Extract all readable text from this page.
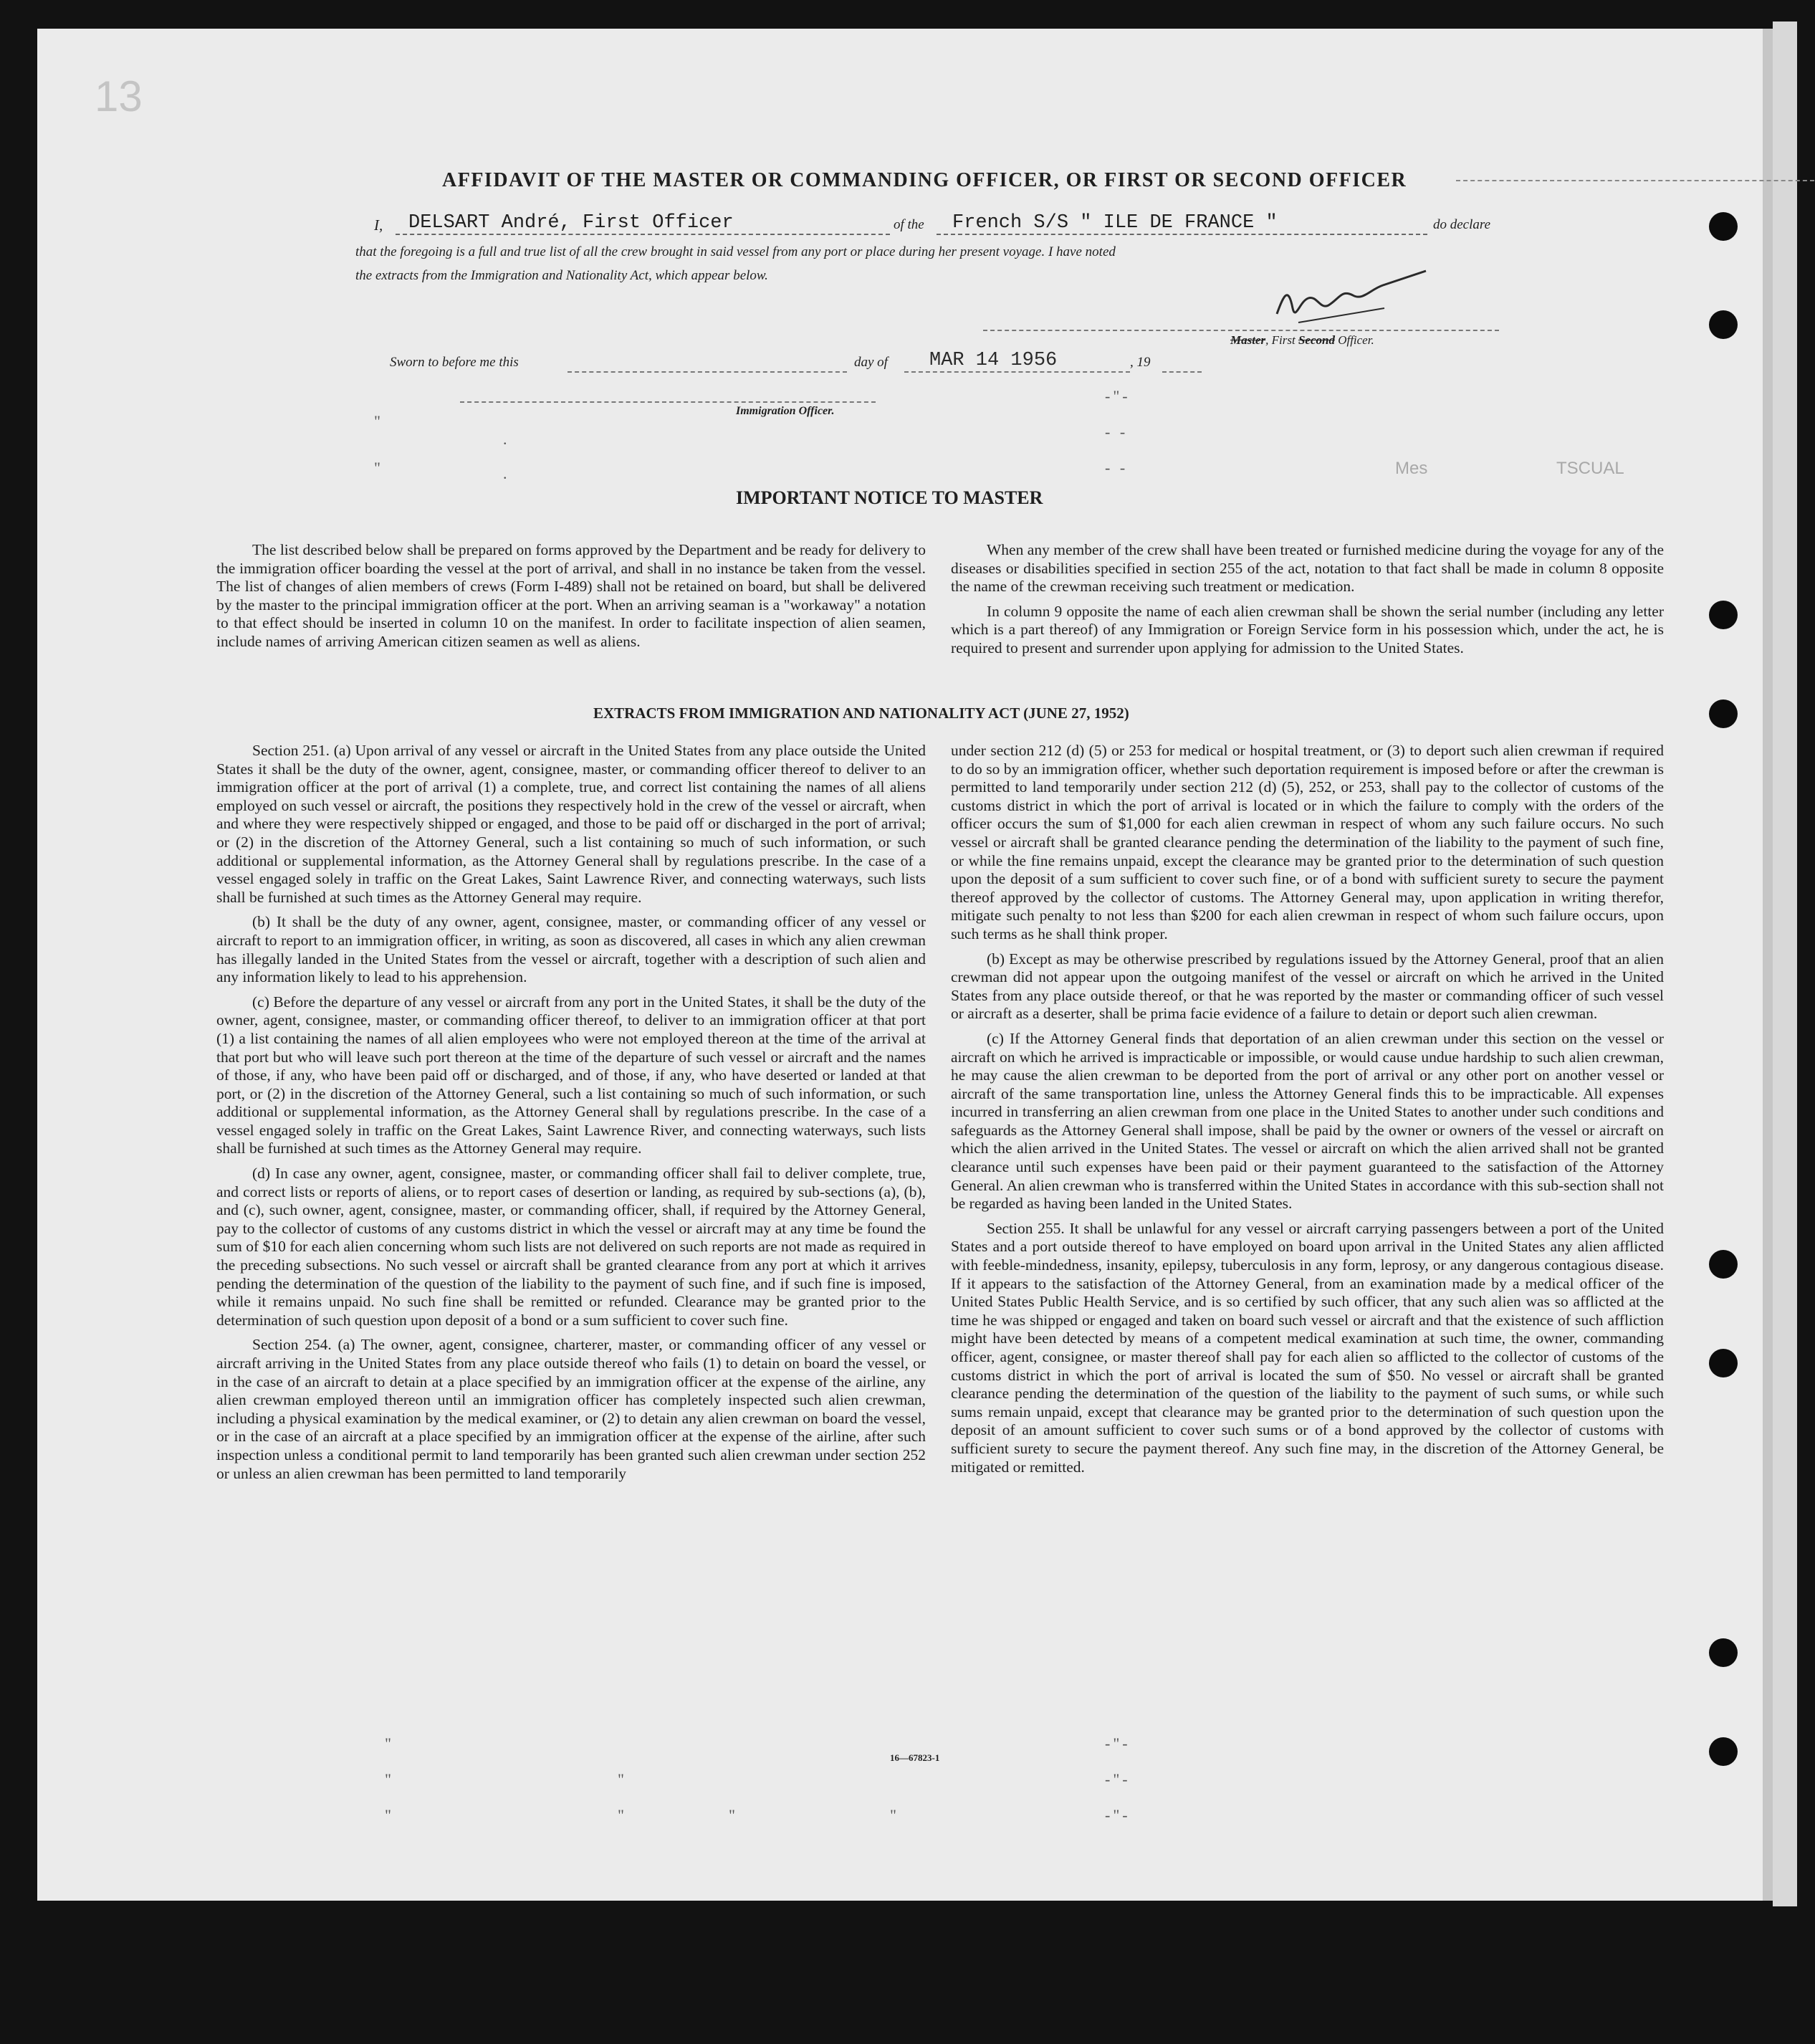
13
AFFIDAVIT OF THE MASTER OR COMMANDING OFFICER, OR FIRST OR SECOND OFFICER
I,	DELSART André, First Officer	of the	French S/S " ILE DE FRANCE "	do declare
that the foregoing is a full and true list of all the crew brought in said vessel from any port or place during her present voyage. I have noted
the extracts from the Immigration and Nationality Act, which appear below.
Master, First Second Officer.
Sworn to before me this	day of MAR 14 1956	, 19
Immigration Officer.
"
"
.
.
-"-
- -
- -	Mes	TSCUAL
IMPORTANT NOTICE TO MASTER

The list described below shall be prepared on forms approved by the Department and be ready for delivery to the immigration officer boarding the vessel at the port of arrival, and shall in no instance be taken from the vessel. The list of changes of alien members of crews (Form I-489) shall not be retained on board, but shall be delivered by the master to the principal immigration officer at the port. When an arriving seaman is a "workaway" a notation to that effect should be inserted in column 10 on the manifest. In order to facilitate inspection of alien seamen, include names of arriving American citizen seamen as well as aliens.

When any member of the crew shall have been treated or furnished medicine during the voyage for any of the diseases or disabilities specified in section 255 of the act, notation to that fact shall be made in column 8 opposite the name of the crewman receiving such treatment or medication.

In column 9 opposite the name of each alien crewman shall be shown the serial number (including any letter which is a part thereof) of any Immigration or Foreign Service form in his possession which, under the act, he is required to present and surrender upon applying for admission to the United States.

EXTRACTS FROM IMMIGRATION AND NATIONALITY ACT (JUNE 27, 1952)

Section 251. (a) Upon arrival of any vessel or aircraft in the United States from any place outside the United States it shall be the duty of the owner, agent, consignee, master, or commanding officer thereof to deliver to an immigration officer at the port of arrival (1) a complete, true, and correct list containing the names of all aliens employed on such vessel or aircraft, the positions they respectively hold in the crew of the vessel or aircraft, when and where they were respectively shipped or engaged, and those to be paid off or discharged in the port of arrival; or (2) in the discretion of the Attorney General, such a list containing so much of such information, or such additional or supplemental information, as the Attorney General shall by regulations prescribe. In the case of a vessel engaged solely in traffic on the Great Lakes, Saint Lawrence River, and connecting waterways, such lists shall be furnished at such times as the Attorney General may require.

(b) It shall be the duty of any owner, agent, consignee, master, or commanding officer of any vessel or aircraft to report to an immigration officer, in writing, as soon as discovered, all cases in which any alien crewman has illegally landed in the United States from the vessel or aircraft, together with a description of such alien and any information likely to lead to his apprehension.

(c) Before the departure of any vessel or aircraft from any port in the United States, it shall be the duty of the owner, agent, consignee, master, or commanding officer thereof, to deliver to an immigration officer at that port (1) a list containing the names of all alien employees who were not employed thereon at the time of the arrival at that port but who will leave such port thereon at the time of the departure of such vessel or aircraft and the names of those, if any, who have been paid off or discharged, and of those, if any, who have deserted or landed at that port, or (2) in the discretion of the Attorney General, such a list containing so much of such information, or such additional or supplemental information, as the Attorney General shall by regulations prescribe. In the case of a vessel engaged solely in traffic on the Great Lakes, Saint Lawrence River, and connecting waterways, such lists shall be furnished at such times as the Attorney General may require.

(d) In case any owner, agent, consignee, master, or commanding officer shall fail to deliver complete, true, and correct lists or reports of aliens, or to report cases of desertion or landing, as required by sub-sections (a), (b), and (c), such owner, agent, consignee, master, or commanding officer, shall, if required by the Attorney General, pay to the collector of customs of any customs district in which the vessel or aircraft may at any time be found the sum of $10 for each alien concerning whom such lists are not delivered on such reports are not made as required in the preceding subsections. No such vessel or aircraft shall be granted clearance from any port at which it arrives pending the determination of the question of the liability to the payment of such fine, and if such fine is imposed, while it remains unpaid. No such fine shall be remitted or refunded. Clearance may be granted prior to the determination of such question upon deposit of a bond or a sum sufficient to cover such fine.

Section 254. (a) The owner, agent, consignee, charterer, master, or commanding officer of any vessel or aircraft arriving in the United States from any place outside thereof who fails (1) to detain on board the vessel, or in the case of an aircraft to detain at a place specified by an immigration officer at the expense of the airline, any alien crewman employed thereon until an immigration officer has completely inspected such alien crewman, including a physical examination by the medical examiner, or (2) to detain any alien crewman on board the vessel, or in the case of an aircraft at a place specified by an immigration officer at the expense of the airline, after such inspection unless a conditional permit to land temporarily has been granted such alien crewman under section 252 or unless an alien crewman has been permitted to land temporarily

under section 212 (d) (5) or 253 for medical or hospital treatment, or (3) to deport such alien crewman if required to do so by an immigration officer, whether such deportation requirement is imposed before or after the crewman is permitted to land temporarily under section 212 (d) (5), 252, or 253, shall pay to the collector of customs of the customs district in which the port of arrival is located or in which the failure to comply with the orders of the officer occurs the sum of $1,000 for each alien crewman in respect of whom any such failure occurs. No such vessel or aircraft shall be granted clearance pending the determination of the liability to the payment of such fine, or while the fine remains unpaid, except the clearance may be granted prior to the determination of such question upon the deposit of a sum sufficient to cover such fine, or of a bond with sufficient surety to secure the payment thereof approved by the collector of customs. The Attorney General may, upon application in writing therefor, mitigate such penalty to not less than $200 for each alien crewman in respect of whom such failure occurs, upon such terms as he shall think proper.

(b) Except as may be otherwise prescribed by regulations issued by the Attorney General, proof that an alien crewman did not appear upon the outgoing manifest of the vessel or aircraft on which he arrived in the United States from any place outside thereof, or that he was reported by the master or commanding officer of such vessel or aircraft as a deserter, shall be prima facie evidence of a failure to detain or deport such alien crewman.

(c) If the Attorney General finds that deportation of an alien crewman under this section on the vessel or aircraft on which he arrived is impracticable or impossible, or would cause undue hardship to such alien crewman, he may cause the alien crewman to be deported from the port of arrival or any other port on another vessel or aircraft of the same transportation line, unless the Attorney General finds this to be impracticable. All expenses incurred in transferring an alien crewman from one place in the United States to another under such conditions and safeguards as the Attorney General shall impose, shall be paid by the owner or owners of the vessel or aircraft on which the alien arrived in the United States. The vessel or aircraft on which the alien arrived shall not be granted clearance until such expenses have been paid or their payment guaranteed to the satisfaction of the Attorney General. An alien crewman who is transferred within the United States in accordance with this sub-section shall not be regarded as having been landed in the United States.

Section 255. It shall be unlawful for any vessel or aircraft carrying passengers between a port of the United States and a port outside thereof to have employed on board upon arrival in the United States any alien afflicted with feeble-mindedness, insanity, epilepsy, tuberculosis in any form, leprosy, or any dangerous contagious disease. If it appears to the satisfaction of the Attorney General, from an examination made by a medical officer of the United States Public Health Service, and is so certified by such officer, that any such alien was so afflicted at the time he was shipped or engaged and taken on board such vessel or aircraft and that the existence of such affliction might have been detected by means of a competent medical examination at such time, the owner, commanding officer, agent, consignee, or master thereof shall pay for each alien so afflicted to the collector of customs of the customs district in which the port of arrival is located the sum of $50. No vessel or aircraft shall be granted clearance pending the determination of the question of the liability to the payment of such sums, or while such sums remain unpaid, except that clearance may be granted prior to the determination of such question upon the deposit of an amount sufficient to cover such sums or of a bond approved by the collector of customs with sufficient surety to secure the payment thereof. Any such fine may, in the discretion of the Attorney General, be mitigated or remitted.

"
"
"
"
"	"	"
-"-
-"-
-"-
16—67823-1
